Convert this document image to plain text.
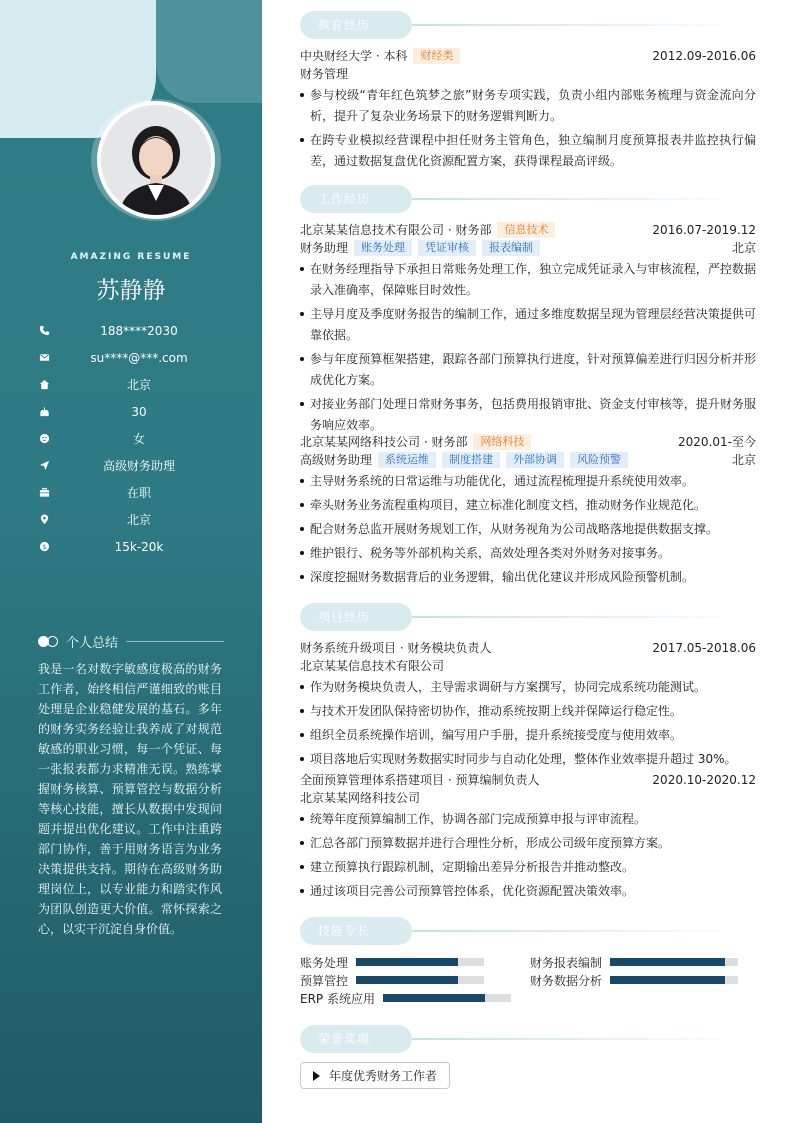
AMAZING RESUME
苏静静
188****2030
su****@***.com
北京
30
女
高级财务助理
在职
北京
$	15k-20k
个人总结
我是一名对数字敏感度极高的财务工作者，始终相信严谨细致的账目处理是企业稳健发展的基石。多年的财务实务经验让我养成了对规范敏感的职业习惯，每一个凭证、每一张报表都力求精准无误。熟练掌握财务核算、预算管控与数据分析等核心技能，擅长从数据中发现问题并提出优化建议。工作中注重跨部门协作，善于用财务语言为业务决策提供支持。期待在高级财务助理岗位上，以专业能力和踏实作风为团队创造更大价值。常怀探索之心，以实干沉淀自身价值。
教育经历
中央财经大学 · 本科	财经类	2012.09-2016.06
财务管理
参与校级“青年红色筑梦之旅”财务专项实践，负责小组内部账务梳理与资金流向分析，提升了复杂业务场景下的财务逻辑判断力。
在跨专业模拟经营课程中担任财务主管角色，独立编制月度预算报表并监控执行偏差，通过数据复盘优化资源配置方案，获得课程最高评级。
工作经历
北京某某信息技术有限公司 · 财务部	信息技术	2016.07-2019.12
财务助理	账务处理	凭证审核	报表编制	北京
在财务经理指导下承担日常账务处理工作，独立完成凭证录入与审核流程，严控数据录入准确率，保障账目时效性。
主导月度及季度财务报告的编制工作，通过多维度数据呈现为管理层经营决策提供可靠依据。
参与年度预算框架搭建，跟踪各部门预算执行进度，针对预算偏差进行归因分析并形成优化方案。
对接业务部门处理日常财务事务，包括费用报销审批、资金支付审核等，提升财务服务响应效率。
北京某某网络科技公司 · 财务部	网络科技	2020.01-至今
高级财务助理	系统运维	制度搭建	外部协调	风险预警	北京
主导财务系统的日常运维与功能优化，通过流程梳理提升系统使用效率。
牵头财务业务流程重构项目，建立标准化制度文档，推动财务作业规范化。
配合财务总监开展财务规划工作，从财务视角为公司战略落地提供数据支撑。
维护银行、税务等外部机构关系，高效处理各类对外财务对接事务。
深度挖掘财务数据背后的业务逻辑，输出优化建议并形成风险预警机制。
项目经历
财务系统升级项目 · 财务模块负责人	2017.05-2018.06
北京某某信息技术有限公司
作为财务模块负责人，主导需求调研与方案撰写，协同完成系统功能测试。
与技术开发团队保持密切协作，推动系统按期上线并保障运行稳定性。
组织全员系统操作培训，编写用户手册，提升系统接受度与使用效率。
项目落地后实现财务数据实时同步与自动化处理，整体作业效率提升超过 30%。
全面预算管理体系搭建项目 · 预算编制负责人	2020.10-2020.12
北京某某网络科技公司
统筹年度预算编制工作，协调各部门完成预算申报与评审流程。
汇总各部门预算数据并进行合理性分析，形成公司级年度预算方案。
建立预算执行跟踪机制，定期输出差异分析报告并推动整改。
通过该项目完善公司预算管控体系，优化资源配置决策效率。
技能专长
账务处理	财务报表编制
预算管控	财务数据分析
ERP 系统应用
荣誉奖项
年度优秀财务工作者
